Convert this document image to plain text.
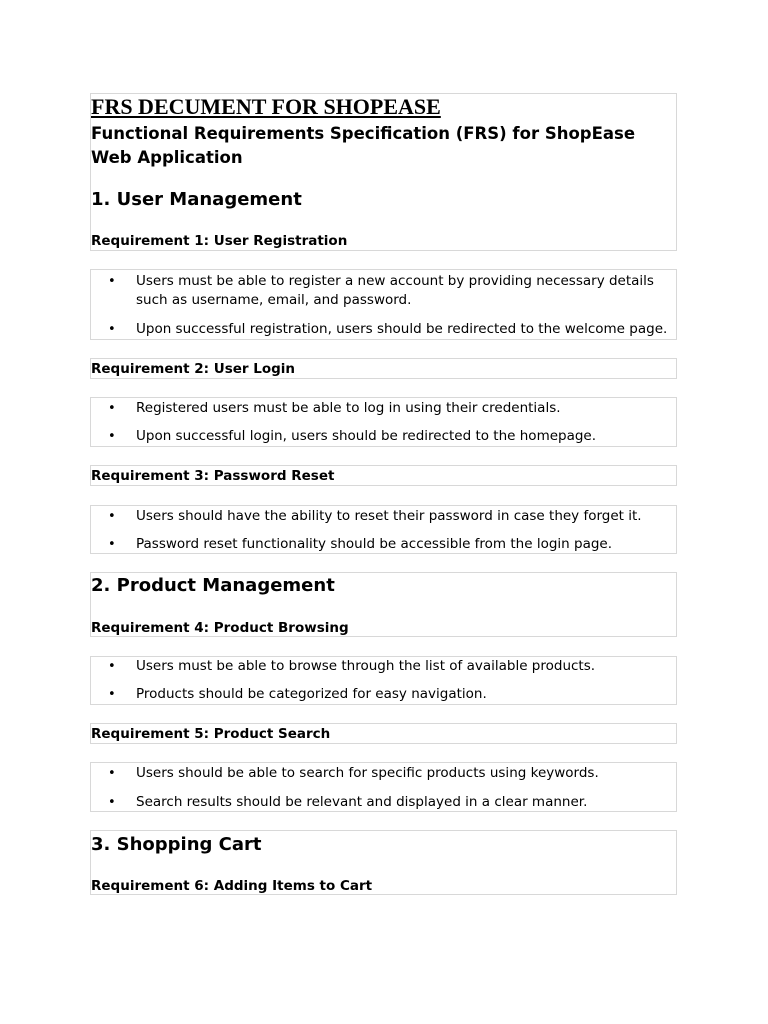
FRS DECUMENT FOR SHOPEASE

Functional Requirements Specification (FRS) for ShopEase Web Application

1. User Management
Requirement 1: User Registration
•	Users must be able to register a new account by providing necessary details such as username, email, and password.
•	Upon successful registration, users should be redirected to the welcome page.
Requirement 2: User Login
•	Registered users must be able to log in using their credentials.
•	Upon successful login, users should be redirected to the homepage.
Requirement 3: Password Reset
•	Users should have the ability to reset their password in case they forget it.
•	Password reset functionality should be accessible from the login page.
2. Product Management
Requirement 4: Product Browsing
•	Users must be able to browse through the list of available products.
•	Products should be categorized for easy navigation.
Requirement 5: Product Search
•	Users should be able to search for specific products using keywords.
•	Search results should be relevant and displayed in a clear manner.
3. Shopping Cart
Requirement 6: Adding Items to Cart
